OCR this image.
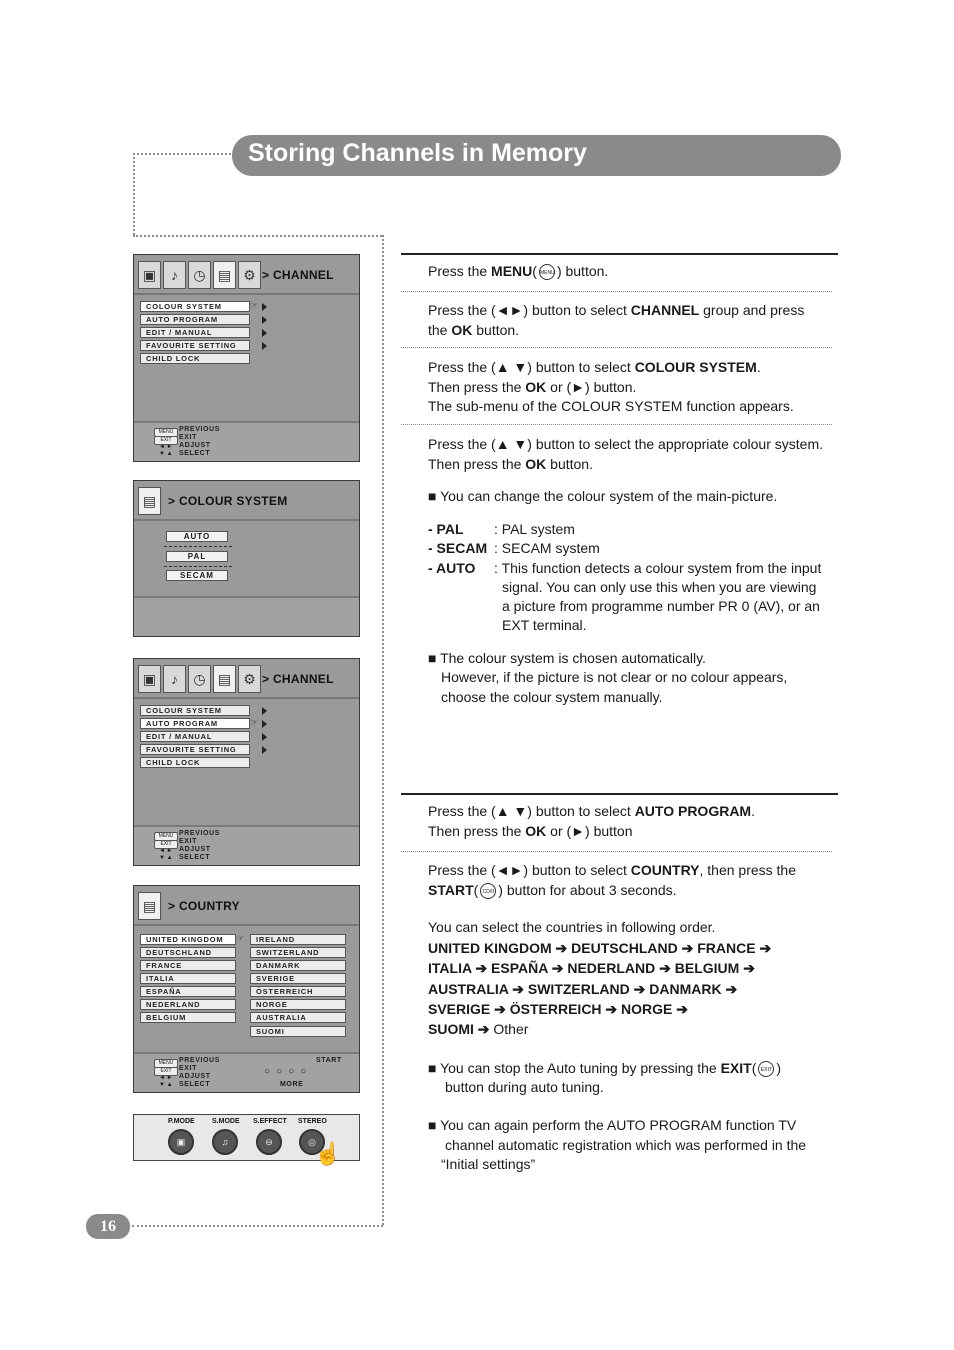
Storing Channels in Memory
▣	♪	◷ ▤ ⚙ > CHANNEL
COLOUR SYSTEM
AUTO PROGRAM
EDIT / MANUAL
FAVOURITE SETTING
CHILD LOCK
☞
MENU
EXIT
◄ ►
▼ ▲
PREVIOUS
EXIT
ADJUST
SELECT
▤ > COLOUR SYSTEM
AUTO
PAL
SECAM
▣	♪	◷ ▤ ⚙ > CHANNEL
COLOUR SYSTEM
AUTO PROGRAM
EDIT / MANUAL
FAVOURITE SETTING
CHILD LOCK
☞
MENU
EXIT
◄ ►
▼ ▲
PREVIOUS
EXIT
ADJUST
SELECT
▤ > COUNTRY
UNITED KINGDOM
DEUTSCHLAND
FRANCE
ITALIA
ESPAÑA
NEDERLAND
BELGIUM
☞	IRELAND
SWITZERLAND
DANMARK
SVERIGE
ÖSTERREICH
NORGE
AUSTRALIA
SUOMI
MENU
EXIT
◄ ►
▼ ▲
PREVIOUS
EXIT
ADJUST
SELECT
START
○○○○
MORE
P.MODE S.MODE S.EFFECT STEREO
▣	♫	⊖	◎
☝
16
Press the MENU( MENU ) button.
Press the (◄►) button to select CHANNEL group and press
the OK button.
Press the (▲ ▼) button to select COLOUR SYSTEM.
Then press the OK or (►) button.
The sub-menu of the COLOUR SYSTEM function appears.
Press the (▲ ▼) button to select the appropriate colour system.
Then press the OK button.
■ You can change the colour system of the main-picture.
- PAL : PAL system
- SECAM : SECAM system
- AUTO : This function detects a colour system from the input
signal. You can only use this when you are viewing
a picture from programme number PR 0 (AV), or an
EXT terminal.
■ The colour system is chosen automatically.
However, if the picture is not clear or no colour appears,
choose the colour system manually.
Press the (▲ ▼) button to select AUTO PROGRAM.
Then press the OK or (►) button
Press the (◄►) button to select COUNTRY, then press the
START( CD/II ) button for about 3 seconds.
You can select the countries in following order.
UNITED KINGDOM ➔ DEUTSCHLAND ➔ FRANCE ➔
ITALIA ➔ ESPAÑA ➔ NEDERLAND ➔ BELGIUM ➔
AUSTRALIA ➔ SWITZERLAND ➔ DANMARK ➔
SVERIGE ➔ ÖSTERREICH ➔ NORGE ➔
SUOMI ➔ Other
■ You can stop the Auto tuning by pressing the EXIT( EXIT )
button during auto tuning.
■ You can again perform the AUTO PROGRAM function TV
channel automatic registration which was performed in the
“Initial settings”
